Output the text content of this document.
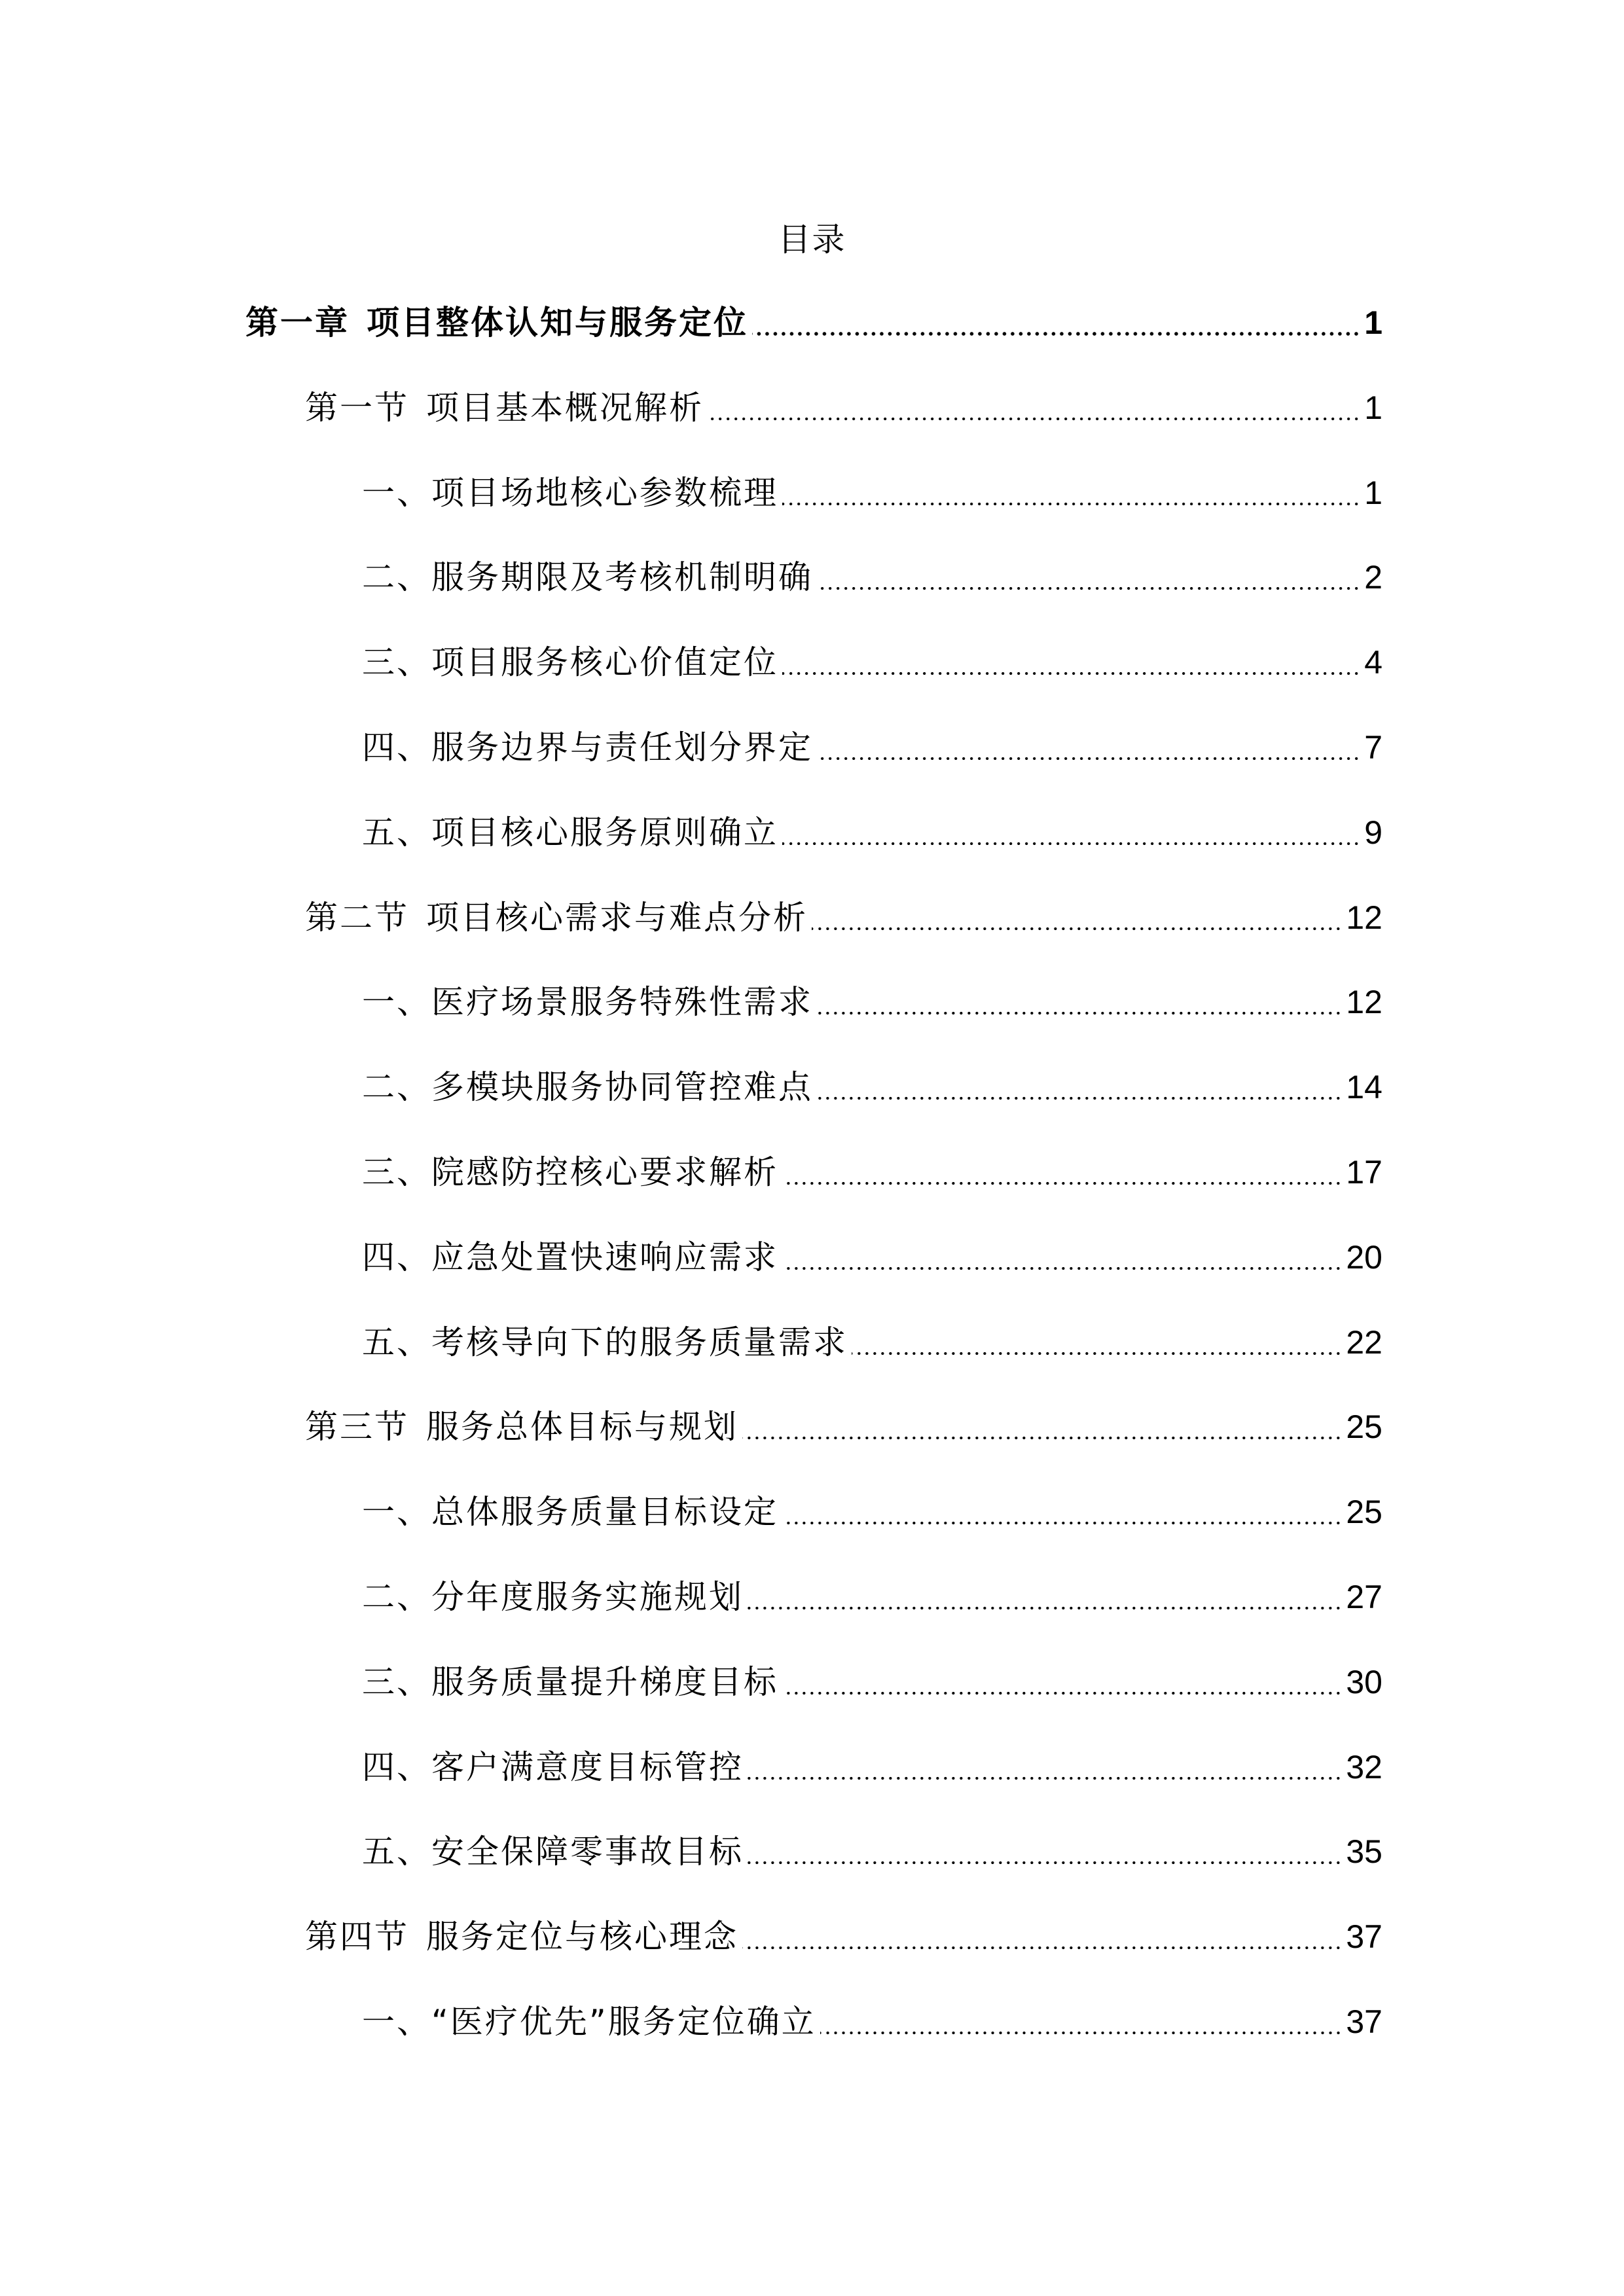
目录
第一章 项目整体认知与服务定位	1
第一节 项目基本概况解析	1
一、项目场地核心参数梳理	1
二、服务期限及考核机制明确	2
三、项目服务核心价值定位	4
四、服务边界与责任划分界定	7
五、项目核心服务原则确立	9
第二节 项目核心需求与难点分析	12
一、医疗场景服务特殊性需求	12
二、多模块服务协同管控难点	14
三、院感防控核心要求解析	17
四、应急处置快速响应需求	20
五、考核导向下的服务质量需求	22
第三节 服务总体目标与规划	25
一、总体服务质量目标设定	25
二、分年度服务实施规划	27
三、服务质量提升梯度目标	30
四、客户满意度目标管控	32
五、安全保障零事故目标	35
第四节 服务定位与核心理念	37
一、“医疗优先”服务定位确立	37
